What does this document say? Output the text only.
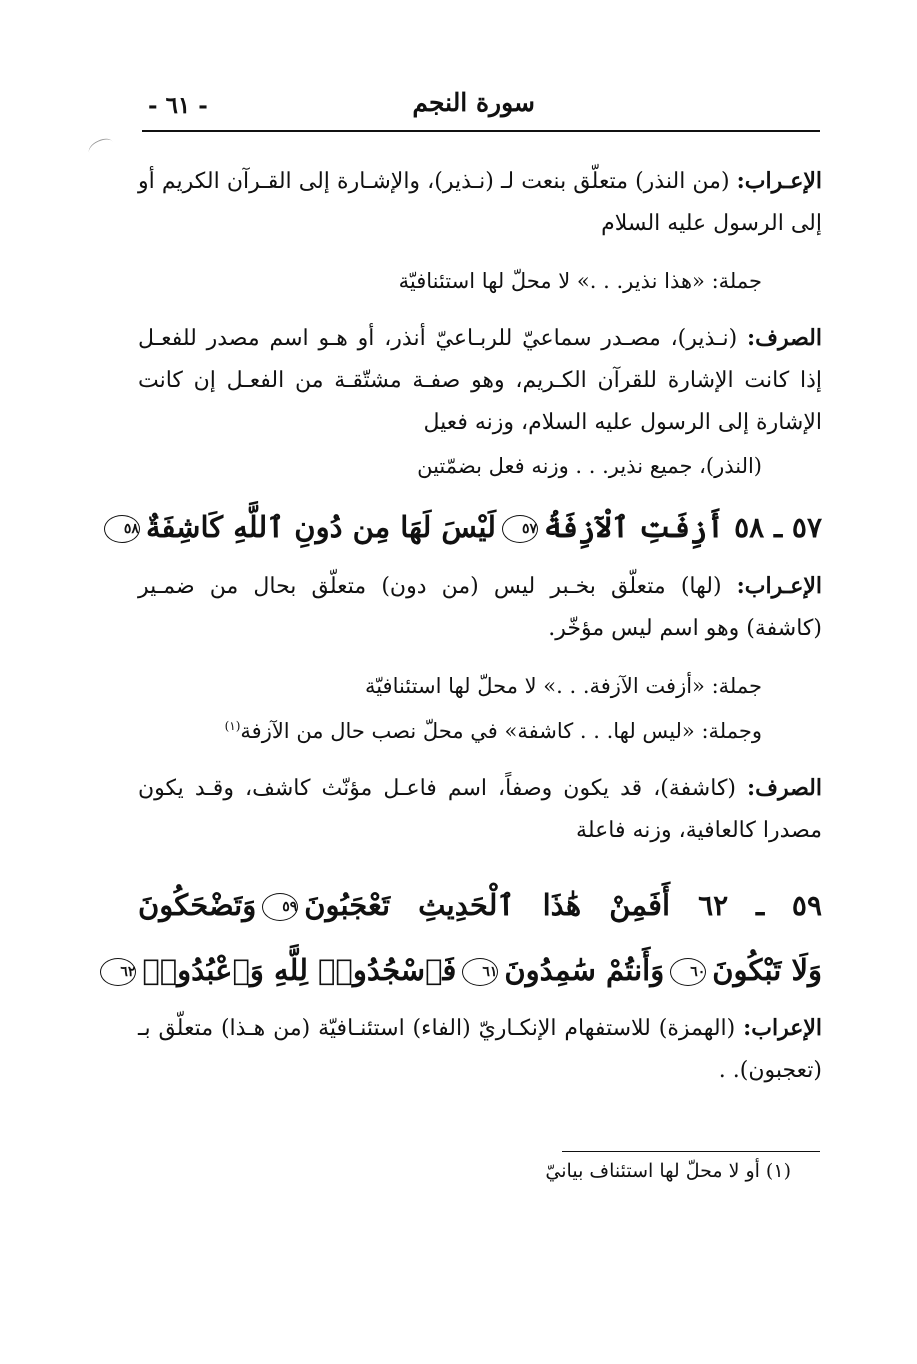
سورة النجم
- ٦١ -

الإعـراب: (من النذر) متعلّق بنعت لـ (نـذير)، والإشـارة إلى القـرآن الكريم أو إلى الرسول عليه السلام

جملة: «هذا نذير. . .» لا محلّ لها استئنافيّة

الصرف: (نـذير)، مصـدر سماعيّ للربـاعيّ أنذر، أو هـو اسم مصدر للفعـل إذا كانت الإشارة للقرآن الكـريم، وهو صفـة مشتّقـة من الفعـل إن كانت الإشارة إلى الرسول عليه السلام، وزنه فعيل

(النذر)، جميع نذير. . . وزنه فعل بضمّتين

٥٧ ـ ٥٨ أَزِفَتِ ٱلْآزِفَةُ٥٧لَيْسَ لَهَا مِن دُونِ ٱللَّهِ كَاشِفَةٌ٥٨

الإعـراب: (لها) متعلّق بخـبر ليس (من دون) متعلّق بحال من ضمـير (كاشفة) وهو اسم ليس مؤخّر.

جملة: «أزفت الآزفة. . .» لا محلّ لها استئنافيّة

وجملة: «ليس لها. . . كاشفة» في محلّ نصب حال من الآزفة$^{(١)}$

الصرف: (كاشفة)، قد يكون وصفاً، اسم فاعـل مؤنّث كاشف، وقـد يكون مصدرا كالعافية، وزنه فاعلة

٥٩ ـ ٦٢ أَفَمِنْ هَٰذَا ٱلْحَدِيثِ تَعْجَبُونَ٥٩وَتَضْحَكُونَ

وَلَا تَبْكُونَ٦٠وَأَنتُمْ سَٰمِدُونَ٦١فَٱسْجُدُوا۟ لِلَّهِ وَٱعْبُدُوا۟٦٢

الإعراب: (الهمزة) للاستفهام الإنكـاريّ (الفاء) استئنـافيّة (من هـذا) متعلّق بـ (تعجبون). .

(١) أو لا محلّ لها استئناف بيانيّ
